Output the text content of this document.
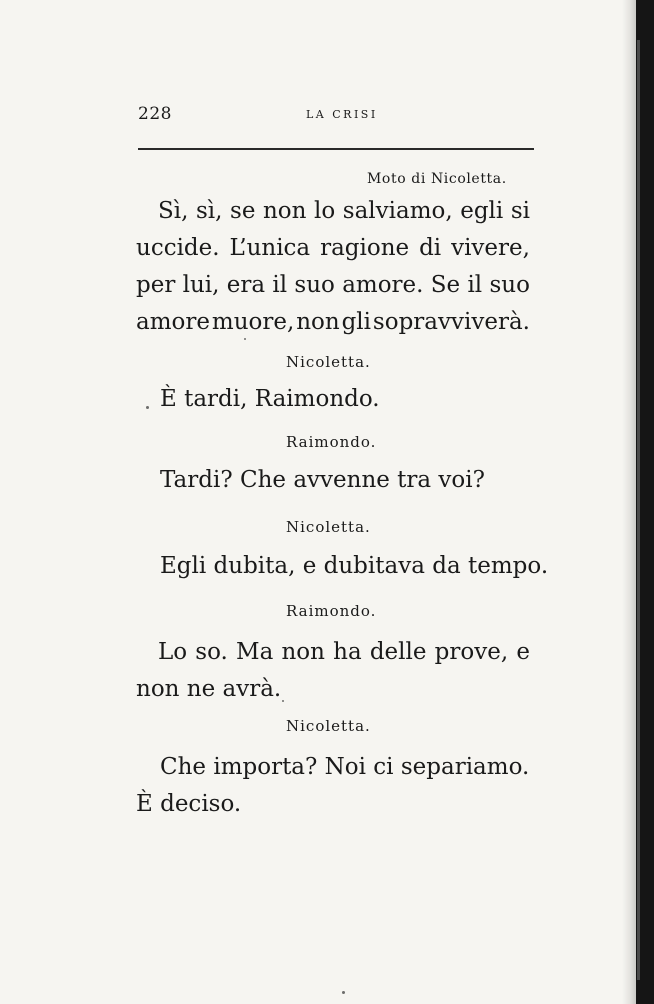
228	LA CRISI
Moto di Nicoletta.
Sì, sì, se non lo salviamo, egli si
uccide. L’unica ragione di vivere,
per lui, era il suo amore. Se il suo
amore muore, non gli sopravviverà.
Nicoletta.
È tardi, Raimondo.
Raimondo.
Tardi? Che avvenne tra voi?
Nicoletta.
Egli dubita, e dubitava da tempo.
Raimondo.
Lo so. Ma non ha delle prove, e
non ne avrà.
Nicoletta.
Che importa? Noi ci separiamo.
È deciso.
